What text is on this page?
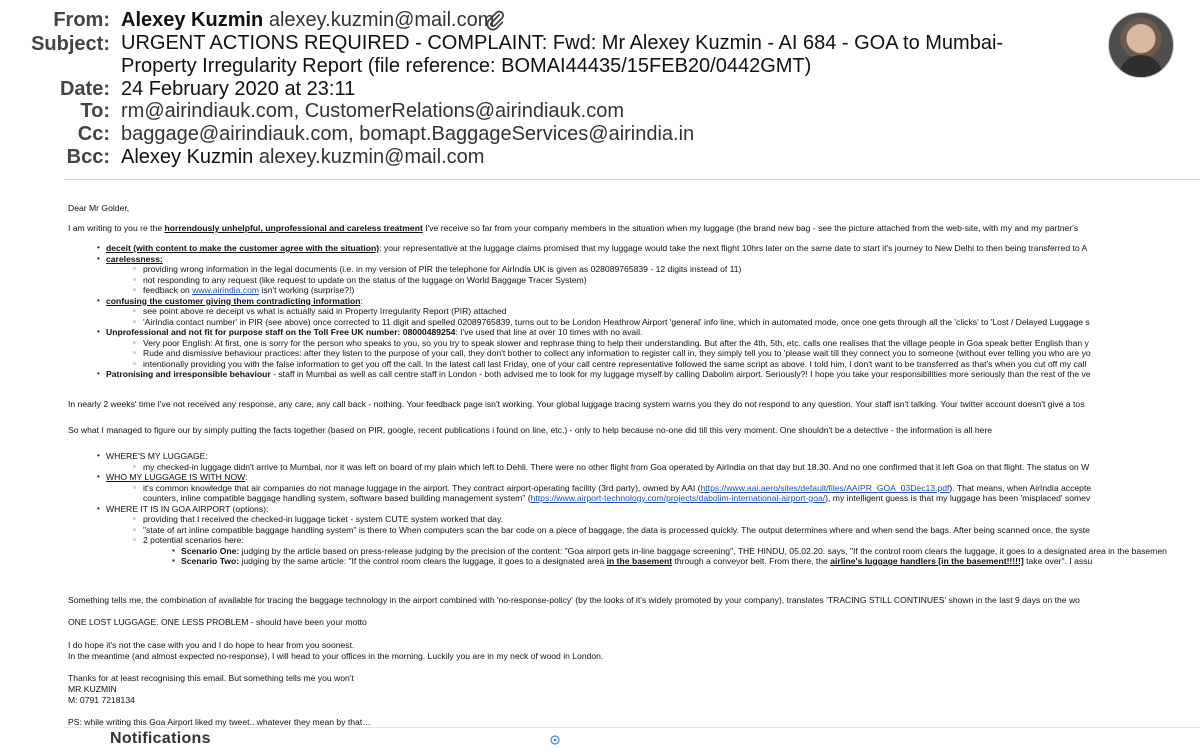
From: Alexey Kuzmin alexey.kuzmin@mail.com
Subject: URGENT ACTIONS REQUIRED - COMPLAINT: Fwd: Mr Alexey Kuzmin - AI 684 - GOA to Mumbai- Property Irregularity Report (file reference: BOMAI44435/15FEB20/0442GMT)
Date: 24 February 2020 at 23:11
To: rm@airindiauk.com, CustomerRelations@airindiauk.com
Cc: baggage@airindiauk.com, bomapt.BaggageServices@airindia.in
Bcc: Alexey Kuzmin alexey.kuzmin@mail.com
Dear Mr Golder,
I am writing to you re the horrendously unhelpful, unprofessional and careless treatment I've receive so far from your company members in the situation when my luggage (the brand new bag - see the picture attached from the web-site, with my and my partner's
• deceit (with content to make the customer agree with the situation): your representative at the luggage claims promised that my luggage would take the next flight 10hrs later on the same date to start it's journey to New Delhi to then being transferred to A
• carelessness:
◦ providing wrong information in the legal documents (i.e. in my version of PIR the telephone for AirIndia UK is given as 028089765839 - 12 digits instead of 11)
◦ not responding to any request (like request to update on the status of the luggage on World Baggage Tracer System)
◦ feedback on www.airindia.com isn't working (surprise?!)
• confusing the customer giving them contradicting information:
◦ see point above re deceipt vs what is actually said in Property Irregularity Report (PIR) attached
◦ 'AirIndia contact number' in PIR (see above) once corrected to 11 digit and spelled 02089765839, turns out to be London Heathrow Airport 'general' info line, which in automated mode, once one gets through all the 'clicks' to 'Lost / Delayed Luggage s
• Unprofessional and not fit for purpose staff on the Toll Free UK number: 08000489254: I've used that line at over 10 times with no avail.
◦ Very poor English: At first, one is sorry for the person who speaks to you, so you try to speak slower and rephrase thing to help their understanding. But after the 4th, 5th, etc. calls one realises that the village people in Goa speak better English than y
◦ Rude and dismissive behaviour practices: after they listen to the purpose of your call, they don't bother to collect any information to register call in, they simply tell you to 'please wait till they connect you to someone (without ever telling you who are yo
◦ intentionally providing you with the false information to get you off the call. In the latest call last Friday, one of your call centre representative followed the same script as above. I told him, I don't want to be transferred as that's when you cut off my call
• Patronising and irresponsible behaviour - staff in Mumbai as well as call centre staff in London - both advised me to look for my luggage myself by calling Dabolim airport. Seriously?! I hope you take your responsibilities more seriously than the rest of the ve
In nearly 2 weeks' time I've not received any response, any care, any call back - nothing. Your feedback page isn't working. Your global luggage tracing system warns you they do not respond to any question. Your staff isn't talking. Your twitter account doesn't give a tos
So what I managed to figure our by simply putting the facts together (based on PIR, google, recent publications i found on line, etc.) - only to help because no-one did till this very moment. One shouldn't be a detective - the information is all here
• WHERE'S MY LUGGAGE:
◦ my checked-in luggage didn't arrive to Mumbai, nor it was left on board of my plain which left to Dehli. There were no other flight from Goa operated by AirIndia on that day but 18.30. And no one confirmed that it left Goa on that flight. The status on W
• WHO MY LUGGAGE IS WITH NOW:
◦ it's common knowledge that air companies do not manage luggage in the airport. They contract airport-operating facility (3rd party), owned by AAI (https://www.aai.aero/sites/default/files/AAIPR_GOA_03Dec13.pdf). That means, when AirIndia accepte
counters, inline compatible baggage handling system, software based building management system" (https://www.airport-technology.com/projects/dabolim-international-airport-goa/), my intelligent guess is that my luggage has been 'misplaced' somev
• WHERE IT IS IN GOA AIRPORT (options):
◦ providing that I received the checked-in luggage ticket - system CUTE system worked that day.
◦ "state of art inline compatible baggage handling system" is there to When computers scan the bar code on a piece of baggage, the data is processed quickly. The output determines where and when send the bags. After being scanned once, the syste
◦ 2 potential scenarios here:
▪ Scenario One: judging by the article based on press-release judging by the precision of the content: "Goa airport gets in-line baggage screening", THE HINDU, 05.02.20. says, "If the control room clears the luggage, it goes to a designated area in the basemen
▪ Scenario Two: judging by the same article: "If the control room clears the luggage, it goes to a designated area in the basement through a conveyor belt. From there, the airline's luggage handlers [in the basement!!!!!] take over". I assu
Something tells me, the combination of available for tracing the baggage technology in the airport combined with 'no-response-policy' (by the looks of it's widely promoted by your company), translates 'TRACING STILL CONTINUES' shown in the last 9 days on the wo
ONE LOST LUGGAGE. ONE LESS PROBLEM - should have been your motto
I do hope it's not the case with you and I do hope to hear from you soonest.
In the meantime (and almost expected no-response), I will head to your offices in the morning. Luckily you are in my neck of wood in London.
Thanks for at least recognising this email. But something tells me you won't
MR KUZMIN
M: 0791 7218134
PS: while writing this Goa Airport liked my tweet.. whatever they mean by that…
Notifications
